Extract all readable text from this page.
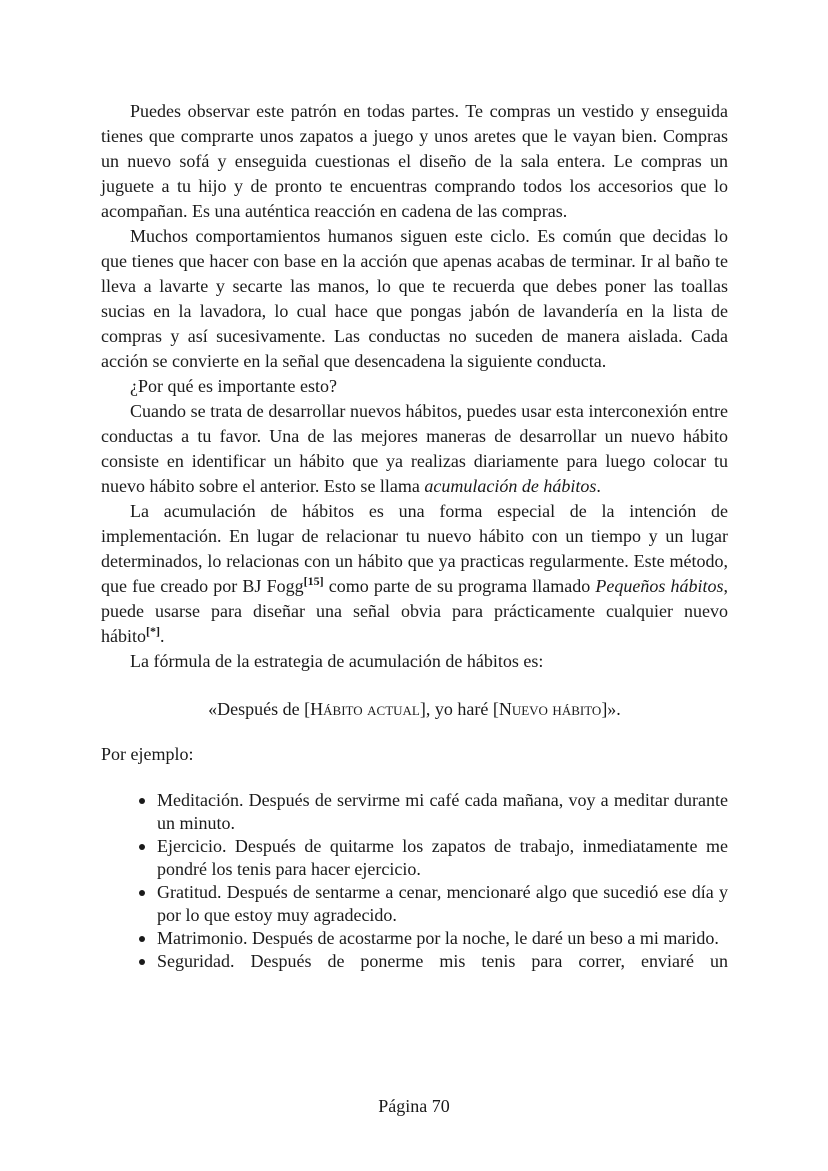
Puedes observar este patrón en todas partes. Te compras un vestido y enseguida tienes que comprarte unos zapatos a juego y unos aretes que le vayan bien. Compras un nuevo sofá y enseguida cuestionas el diseño de la sala entera. Le compras un juguete a tu hijo y de pronto te encuentras comprando todos los accesorios que lo acompañan. Es una auténtica reacción en cadena de las compras.

Muchos comportamientos humanos siguen este ciclo. Es común que decidas lo que tienes que hacer con base en la acción que apenas acabas de terminar. Ir al baño te lleva a lavarte y secarte las manos, lo que te recuerda que debes poner las toallas sucias en la lavadora, lo cual hace que pongas jabón de lavandería en la lista de compras y así sucesivamente. Las conductas no suceden de manera aislada. Cada acción se convierte en la señal que desencadena la siguiente conducta.

¿Por qué es importante esto?

Cuando se trata de desarrollar nuevos hábitos, puedes usar esta interconexión entre conductas a tu favor. Una de las mejores maneras de desarrollar un nuevo hábito consiste en identificar un hábito que ya realizas diariamente para luego colocar tu nuevo hábito sobre el anterior. Esto se llama acumulación de hábitos.

La acumulación de hábitos es una forma especial de la intención de implementación. En lugar de relacionar tu nuevo hábito con un tiempo y un lugar determinados, lo relacionas con un hábito que ya practicas regularmente. Este método, que fue creado por BJ Fogg[15] como parte de su programa llamado Pequeños hábitos, puede usarse para diseñar una señal obvia para prácticamente cualquier nuevo hábito[*].

La fórmula de la estrategia de acumulación de hábitos es:

«Después de [Hábito actual], yo haré [Nuevo hábito]».

Por ejemplo:

Meditación. Después de servirme mi café cada mañana, voy a meditar durante un minuto.
Ejercicio. Después de quitarme los zapatos de trabajo, inmediatamente me pondré los tenis para hacer ejercicio.
Gratitud. Después de sentarme a cenar, mencionaré algo que sucedió ese día y por lo que estoy muy agradecido.
Matrimonio. Después de acostarme por la noche, le daré un beso a mi marido.
Seguridad. Después de ponerme mis tenis para correr, enviaré un
Página 70
